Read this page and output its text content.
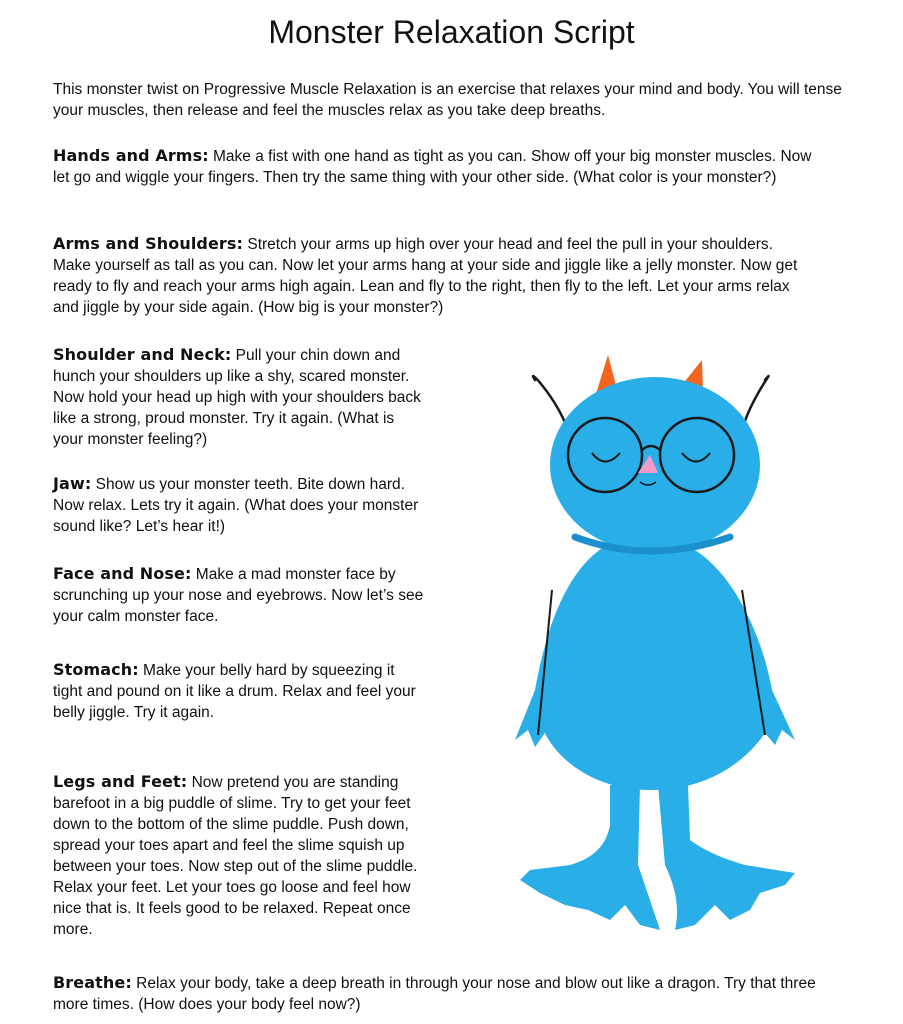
Monster Relaxation Script

This monster twist on Progressive Muscle Relaxation is an exercise that relaxes your mind and body. You will tense your muscles, then release and feel the muscles relax as you take deep breaths.

Hands and Arms: Make a fist with one hand as tight as you can. Show off your big monster muscles. Now let go and wiggle your fingers. Then try the same thing with your other side. (What color is your monster?)

Arms and Shoulders: Stretch your arms up high over your head and feel the pull in your shoulders. Make yourself as tall as you can. Now let your arms hang at your side and jiggle like a jelly monster. Now get ready to fly and reach your arms high again. Lean and fly to the right, then fly to the left. Let your arms relax and jiggle by your side again. (How big is your monster?)

Shoulder and Neck: Pull your chin down and hunch your shoulders up like a shy, scared monster. Now hold your head up high with your shoulders back like a strong, proud monster. Try it again. (What is your monster feeling?)

Jaw: Show us your monster teeth. Bite down hard. Now relax. Lets try it again. (What does your monster sound like? Let’s hear it!)

Face and Nose: Make a mad monster face by scrunching up your nose and eyebrows. Now let’s see your calm monster face.

Stomach: Make your belly hard by squeezing it tight and pound on it like a drum. Relax and feel your belly jiggle. Try it again.

Legs and Feet: Now pretend you are standing barefoot in a big puddle of slime. Try to get your feet down to the bottom of the slime puddle. Push down, spread your toes apart and feel the slime squish up between your toes. Now step out of the slime puddle. Relax your feet. Let your toes go loose and feel how nice that is. It feels good to be relaxed. Repeat once more.

Breathe: Relax your body, take a deep breath in through your nose and blow out like a dragon. Try that three more times. (How does your body feel now?)
